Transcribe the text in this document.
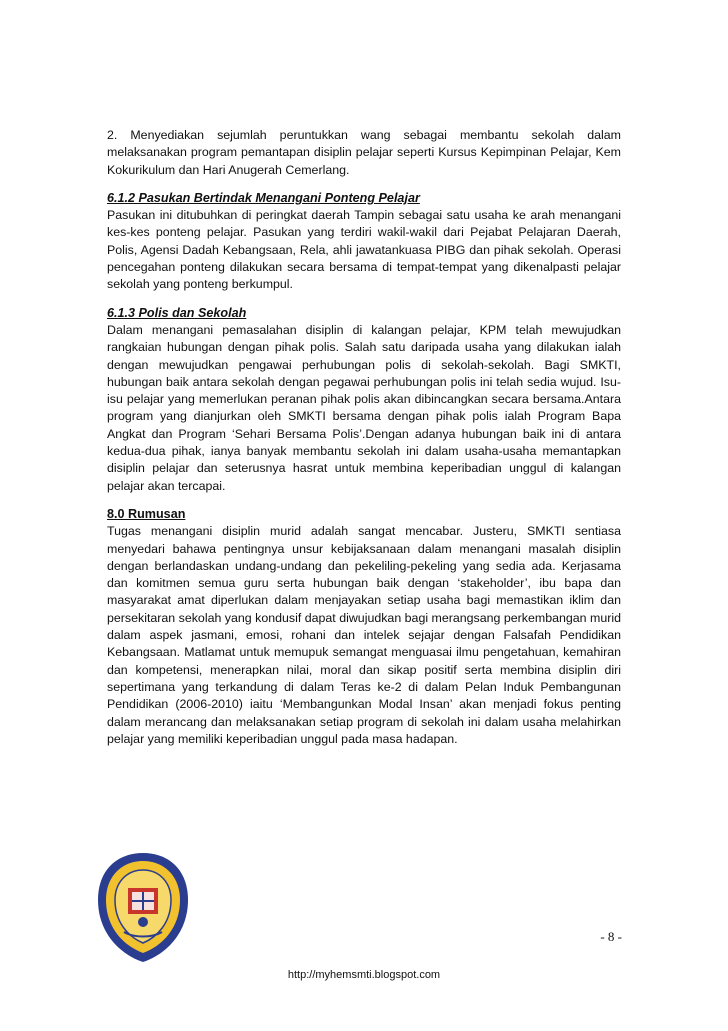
2. Menyediakan sejumlah peruntukkan wang sebagai membantu sekolah dalam melaksanakan program pemantapan disiplin pelajar seperti Kursus Kepimpinan Pelajar, Kem Kokurikulum dan Hari Anugerah Cemerlang.

6.1.2 Pasukan Bertindak Menangani Ponteng Pelajar

Pasukan ini ditubuhkan di peringkat daerah Tampin sebagai satu usaha ke arah menangani kes-kes ponteng pelajar. Pasukan yang terdiri wakil-wakil dari Pejabat Pelajaran Daerah, Polis, Agensi Dadah Kebangsaan, Rela, ahli jawatankuasa PIBG dan pihak sekolah. Operasi pencegahan ponteng dilakukan secara bersama di tempat-tempat yang dikenalpasti pelajar sekolah yang ponteng berkumpul.

6.1.3 Polis dan Sekolah

Dalam menangani pemasalahan disiplin di kalangan pelajar, KPM telah mewujudkan rangkaian hubungan dengan pihak polis. Salah satu daripada usaha yang dilakukan ialah dengan mewujudkan pengawai perhubungan polis di sekolah-sekolah. Bagi SMKTI, hubungan baik antara sekolah dengan pegawai perhubungan polis ini telah sedia wujud. Isu-isu pelajar yang memerlukan peranan pihak polis akan dibincangkan secara bersama.Antara program yang dianjurkan oleh SMKTI bersama dengan pihak polis ialah Program Bapa Angkat dan Program ‘Sehari Bersama Polis’.Dengan adanya hubungan baik ini di antara kedua-dua pihak, ianya banyak membantu sekolah ini dalam usaha-usaha memantapkan disiplin pelajar dan seterusnya hasrat untuk membina keperibadian unggul di kalangan pelajar akan tercapai.

8.0 Rumusan

Tugas menangani disiplin murid adalah sangat mencabar. Justeru, SMKTI sentiasa menyedari bahawa pentingnya unsur kebijaksanaan dalam menangani masalah disiplin dengan berlandaskan undang-undang dan pekeliling-pekeling yang sedia ada. Kerjasama dan komitmen semua guru serta hubungan baik dengan ‘stakeholder’, ibu bapa dan masyarakat amat diperlukan dalam menjayakan setiap usaha bagi memastikan iklim dan persekitaran sekolah yang kondusif dapat diwujudkan bagi merangsang perkembangan murid dalam aspek jasmani, emosi, rohani dan intelek sejajar dengan Falsafah Pendidikan Kebangsaan. Matlamat untuk memupuk semangat menguasai ilmu pengetahuan, kemahiran dan kompetensi, menerapkan nilai, moral dan sikap positif serta membina disiplin diri sepertimana yang terkandung di dalam Teras ke-2 di dalam Pelan Induk Pembangunan Pendidikan (2006-2010) iaitu ‘Membangunkan Modal Insan’ akan menjadi fokus penting dalam merancang dan melaksanakan setiap program di sekolah ini dalam usaha melahirkan pelajar yang memiliki keperibadian unggul pada masa hadapan.

- 8 -
http://myhemsmti.blogspot.com
